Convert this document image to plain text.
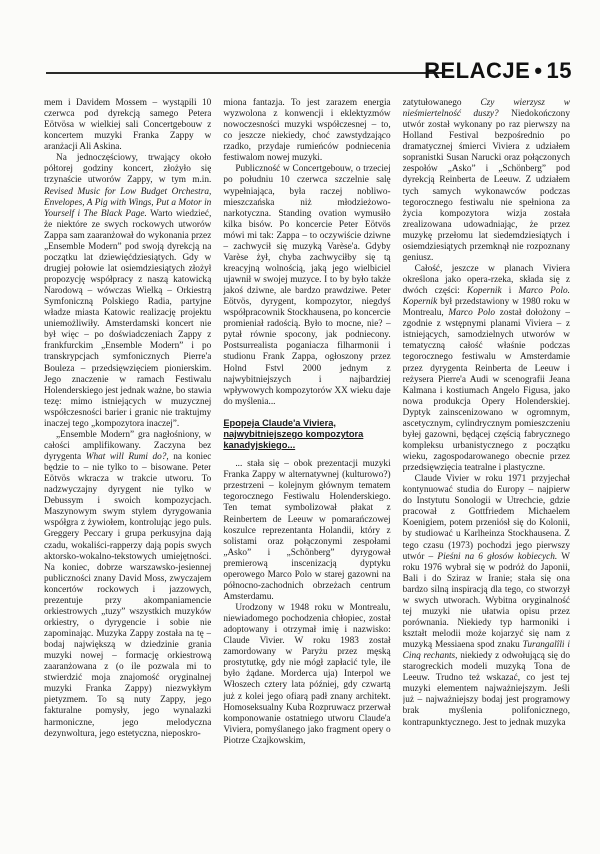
RELACJE • 15

mem i Davidem Mossem – wystąpili 10 czerwca pod dyrekcją samego Petera Eötvösa w wielkiej sali Concertgebouw z koncertem muzyki Franka Zappy w aranżacji Ali Askina.

Na jednoczęściowy, trwający około półtorej godziny koncert, złożyło się trzynaście utworów Zappy, w tym m.in. Revised Music for Low Budget Orchestra, Envelopes, A Pig with Wings, Put a Motor in Yourself i The Black Page. Warto wiedzieć, że niektóre ze swych rockowych utworów Zappa sam zaaranżował do wykonania przez „Ensemble Modern” pod swoją dyrekcją na początku lat dziewięćdziesiątych. Gdy w drugiej połowie lat osiemdziesiątych złożył propozycję współpracy z naszą katowicką Narodową – wówczas Wielką – Orkiestrą Symfoniczną Polskiego Radia, partyjne władze miasta Katowic realizację projektu uniemożliwiły. Amsterdamski koncert nie był więc – po doświadczeniach Zappy z frankfurckim „Ensemble Modern” i po transkrypcjach symfonicznych Pierre'a Bouleza – przedsięwzięciem pionierskim. Jego znaczenie w ramach Festiwalu Holenderskiego jest jednak ważne, bo stawia tezę: mimo istniejących w muzycznej współczesności barier i granic nie traktujmy inaczej tego „kompozytora inaczej”.

„Ensemble Modern” gra nagłośniony, w całości amplifikowany. Zaczyna bez dyrygenta What will Rumi do?, na koniec będzie to – nie tylko to – bisowane. Peter Eötvös wkracza w trakcie utworu. To nadzwyczajny dyrygent nie tylko w Debussym i swoich kompozycjach. Maszynowym swym stylem dyrygowania współgra z żywiołem, kontrolując jego puls. Greggery Peccary i grupa perkusyjna dają czadu, wokaliści-rapperzy dają popis swych aktorsko-wokalno-tekstowych umiejętności. Na koniec, dobrze warszawsko-jesiennej publiczności znany David Moss, zwyczajem koncertów rockowych i jazzowych, prezentuje przy akompaniamencie orkiestrowych „tuzy” wszystkich muzyków orkiestry, o dyrygencie i sobie nie zapominając. Muzyka Zappy została na tę – bodaj największą w dziedzinie grania muzyki nowej – formację orkiestrową zaaranżowana z (o ile pozwala mi to stwierdzić moja znajomość oryginalnej muzyki Franka Zappy) niezwykłym pietyzmem. To są nuty Zappy, jego fakturalne pomysły, jego wynalazki harmoniczne, jego melodyczna dezynwoltura, jego estetyczna, nieposkro-

miona fantazja. To jest zarazem energia wyzwolona z konwencji i eklektyzmów nowoczesności muzyki współczesnej – to, co jeszcze niekiedy, choć zawstydzająco rzadko, przydaje rumieńców podniecenia festiwalom nowej muzyki.

Publiczność w Concertgebouw, o trzeciej po południu 10 czerwca szczelnie salę wypełniająca, była raczej nobliwo-mieszczańska niż młodzieżowo-narkotyczna. Standing ovation wymusiło kilka bisów. Po koncercie Peter Eötvös mówi mi tak: Zappa – to oczywiście dziwne – zachwycił się muzyką Varèse'a. Gdyby Varèse żył, chyba zachwyciłby się tą kreacyjną wolnością, jaką jego wielbiciel ujawnił w swojej muzyce. I to by było także jakoś dziwne, ale bardzo prawdziwe. Peter Eötvös, dyrygent, kompozytor, niegdyś współpracownik Stockhausena, po koncercie promieniał radością. Było to mocne, nie? – pytał równie spocony, jak podniecony. Postsurrealista poganiacza filharmonii i studionu Frank Zappa, ogłoszony przez Holnd Fstvl 2000 jednym z najwybitniejszych i najbardziej wpływowych kompozytorów XX wieku daje do myślenia...

Epopeja Claude'a Viviera, najwybitniejszego kompozytora kanadyjskiego...

... stała się – obok prezentacji muzyki Franka Zappy w alternatywnej (kulturowo?) przestrzeni – kolejnym głównym tematem tegorocznego Festiwalu Holenderskiego. Ten temat symbolizował płakat z Reinbertem de Leeuw w pomarańczowej koszulce reprezentanta Holandii, który z solistami oraz połączonymi zespołami „Asko” i „Schönberg” dyrygował premierową inscenizacją dyptyku operowego Marco Polo w starej gazowni na północno-zachodnich obrzeżach centrum Amsterdamu.

Urodzony w 1948 roku w Montrealu, niewiadomego pochodzenia chłopiec, został adoptowany i otrzymał imię i nazwisko: Claude Vivier. W roku 1983 został zamordowany w Paryżu przez męską prostytutkę, gdy nie mógł zapłacić tyle, ile było żądane. Morderca uja) Interpol we Włoszech cztery lata później, gdy czwartą już z kolei jego ofiarą padł znany architekt. Homoseksualny Kuba Rozpruwacz przerwał komponowanie ostatniego utworu Claude'a Viviera, pomyślanego jako fragment opery o Piotrze Czajkowskim,

zatytułowanego Czy wierzysz w nieśmiertelność duszy? Niedokończony utwór został wykonany po raz pierwszy na Holland Festival bezpośrednio po dramatycznej śmierci Viviera z udziałem sopranistki Susan Narucki oraz połączonych zespołów „Asko” i „Schönberg” pod dyrekcją Reinberta de Leeuw. Z udziałem tych samych wykonawców podczas tegorocznego festiwalu nie spełniona za życia kompozytora wizja została zrealizowana udowadniając, że przez muzykę przełomu lat siedemdziesiątych i osiemdziesiątych przemknął nie rozpoznany geniusz.

Całość, jeszcze w planach Viviera określona jako opera-rzeka, składa się z dwóch części: Kopernik i Marco Polo. Kopernik był przedstawiony w 1980 roku w Montrealu, Marco Polo został dołożony – zgodnie z wstępnymi planami Viviera – z istniejących, samodzielnych utworów w tematyczną całość właśnie podczas tegorocznego festiwalu w Amsterdamie przez dyrygenta Reinberta de Leeuw i reżysera Pierre'a Audi w scenografii Jeana Kalmana i kostiumach Angelo Figusa, jako nowa produkcja Opery Holenderskiej. Dyptyk zainscenizowano w ogromnym, ascetycznym, cylindrycznym pomieszczeniu byłej gazowni, będącej częścią fabrycznego kompleksu urbanistycznego z początku wieku, zagospodarowanego obecnie przez przedsięwzięcia teatralne i plastyczne.

Claude Vivier w roku 1971 przyjechał kontynuować studia do Europy – najpierw do Instytutu Sonologii w Utrechcie, gdzie pracował z Gottfriedem Michaelem Koenigiem, potem przeniósł się do Kolonii, by studiować u Karlheinza Stockhausena. Z tego czasu (1973) pochodzi jego pierwszy utwór – Pieśni na 6 głosów kobiecych. W roku 1976 wybrał się w podróż do Japonii, Bali i do Sziraz w Iranie; stała się ona bardzo silną inspiracją dla tego, co stworzył w swych utworach. Wybitna oryginalność tej muzyki nie ułatwia opisu przez porównania. Niekiedy typ harmoniki i kształt melodii może kojarzyć się nam z muzyką Messiaena spod znaku Turangalîli i Cinq rechants, niekiedy z odwołującą się do starogreckich modeli muzyką Tona de Leeuw. Trudno też wskazać, co jest tej muzyki elementem najważniejszym. Jeśli już – najważniejszy bodaj jest programowy brak myślenia polifonicznego, kontrapunktycznego. Jest to jednak muzyka
